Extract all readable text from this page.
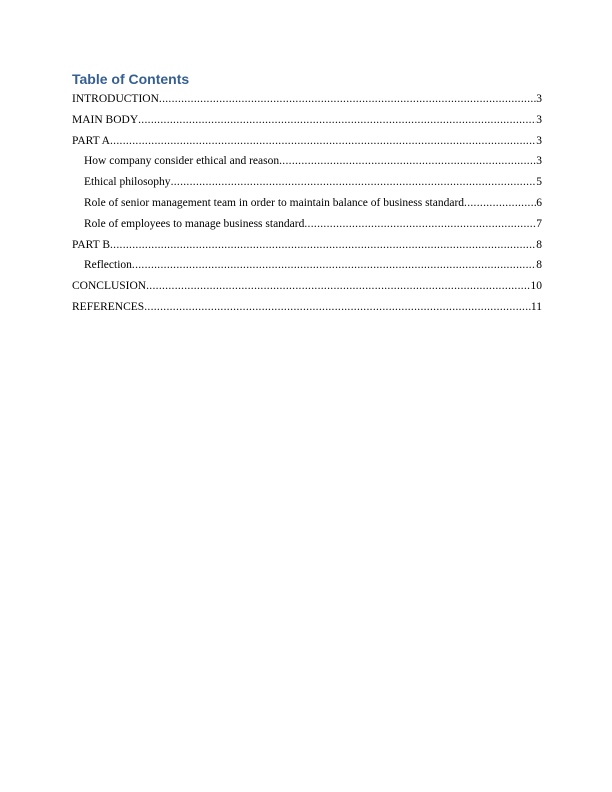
Table of Contents
INTRODUCTION .....	3
MAIN BODY .....	3
PART A .....	3
How company consider ethical and reason .....	3
Ethical philosophy .....	5
Role of senior management team in order to maintain balance of business standard .....	6
Role of employees to manage business standard .....	7
PART B .....	8
Reflection .....	8
CONCLUSION .....	10
REFERENCES .....	11
